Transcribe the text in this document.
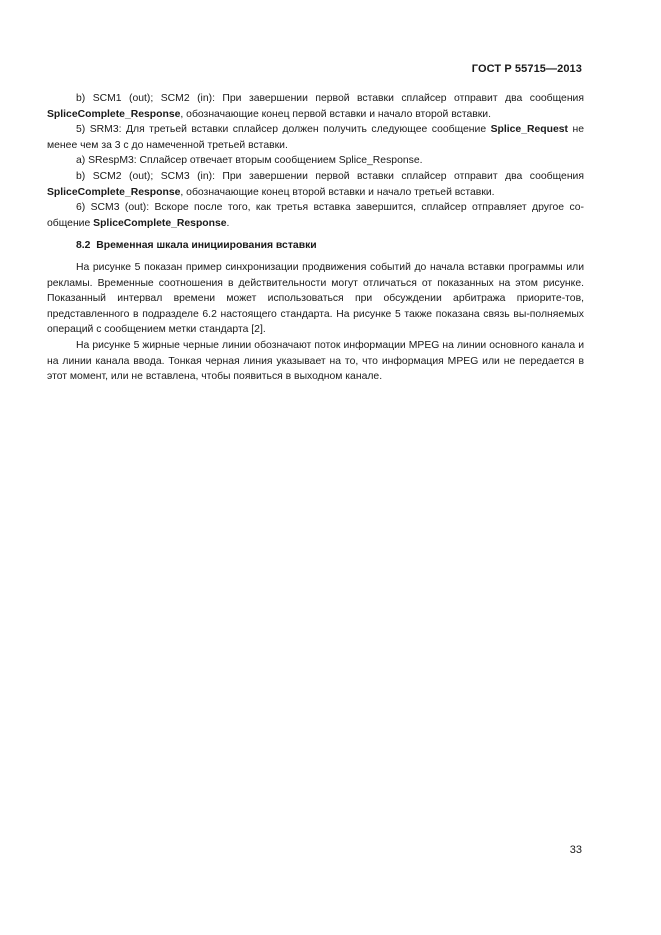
ГОСТ Р 55715—2013

b) SCM1 (out); SCM2 (in): При завершении первой вставки сплайсер отправит два сообщения SpliceComplete_Response, обозначающие конец первой вставки и начало второй вставки.

5) SRM3: Для третьей вставки сплайсер должен получить следующее сообщение Splice_Request не менее чем за 3 с до намеченной третьей вставки.

a) SRespM3: Сплайсер отвечает вторым сообщением Splice_Response.

b) SCM2 (out); SCM3 (in): При завершении первой вставки сплайсер отправит два сообщения SpliceComplete_Response, обозначающие конец второй вставки и начало третьей вставки.

6) SCM3 (out): Вскоре после того, как третья вставка завершится, сплайсер отправляет другое со-общение SpliceComplete_Response.

8.2 Временная шкала инициирования вставки

На рисунке 5 показан пример синхронизации продвижения событий до начала вставки программы или рекламы. Временные соотношения в действительности могут отличаться от показанных на этом рисунке. Показанный интервал времени может использоваться при обсуждении арбитража приорите-тов, представленного в подразделе 6.2 настоящего стандарта. На рисунке 5 также показана связь вы-полняемых операций с сообщением метки стандарта [2].

На рисунке 5 жирные черные линии обозначают поток информации MPEG на линии основного канала и на линии канала ввода. Тонкая черная линия указывает на то, что информация MPEG или не передается в этот момент, или не вставлена, чтобы появиться в выходном канале.

33
